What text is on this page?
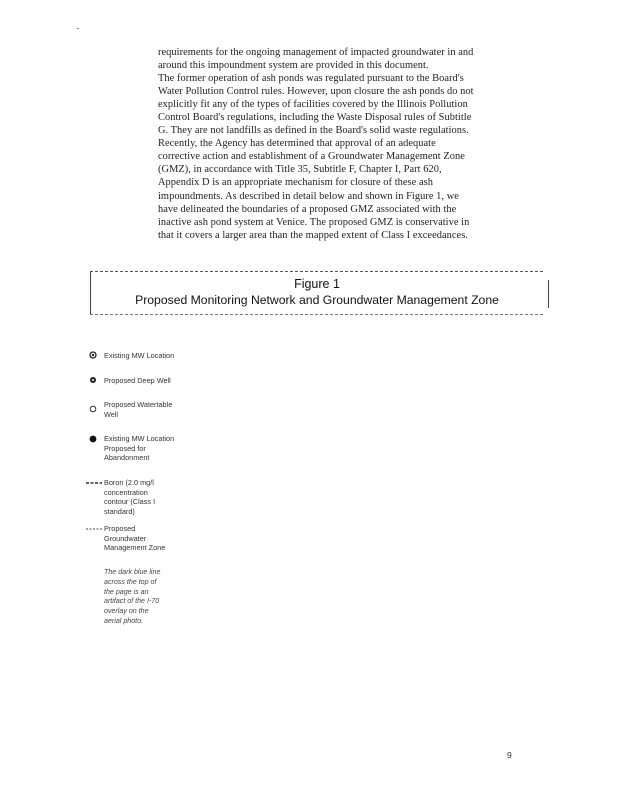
requirements for the ongoing management of impacted groundwater in and
around this impoundment system are provided in this document.
The former operation of ash ponds was regulated pursuant to the Board's
Water Pollution Control rules. However, upon closure the ash ponds do not
explicitly fit any of the types of facilities covered by the Illinois Pollution
Control Board's regulations, including the Waste Disposal rules of Subtitle
G. They are not landfills as defined in the Board's solid waste regulations.
Recently, the Agency has determined that approval of an adequate
corrective action and establishment of a Groundwater Management Zone
(GMZ), in accordance with Title 35, Subtitle F, Chapter I, Part 620,
Appendix D is an appropriate mechanism for closure of these ash
impoundments. As described in detail below and shown in Figure 1, we
have delineated the boundaries of a proposed GMZ associated with the
inactive ash pond system at Venice. The proposed GMZ is conservative in
that it covers a larger area than the mapped extent of Class I exceedances.
Figure 1
Proposed Monitoring Network and Groundwater Management Zone
Existing MW Location
Proposed Deep Well
Proposed Watertable
Well
Existing MW Location
Proposed for
Abandonment
Boron (2.0 mg/l
concentration
contour (Class I
standard)
Proposed
Groundwater
Management Zone
The dark blue line
across the top of
the page is an
artifact of the I-70
overlay on the
aerial photo.
9
